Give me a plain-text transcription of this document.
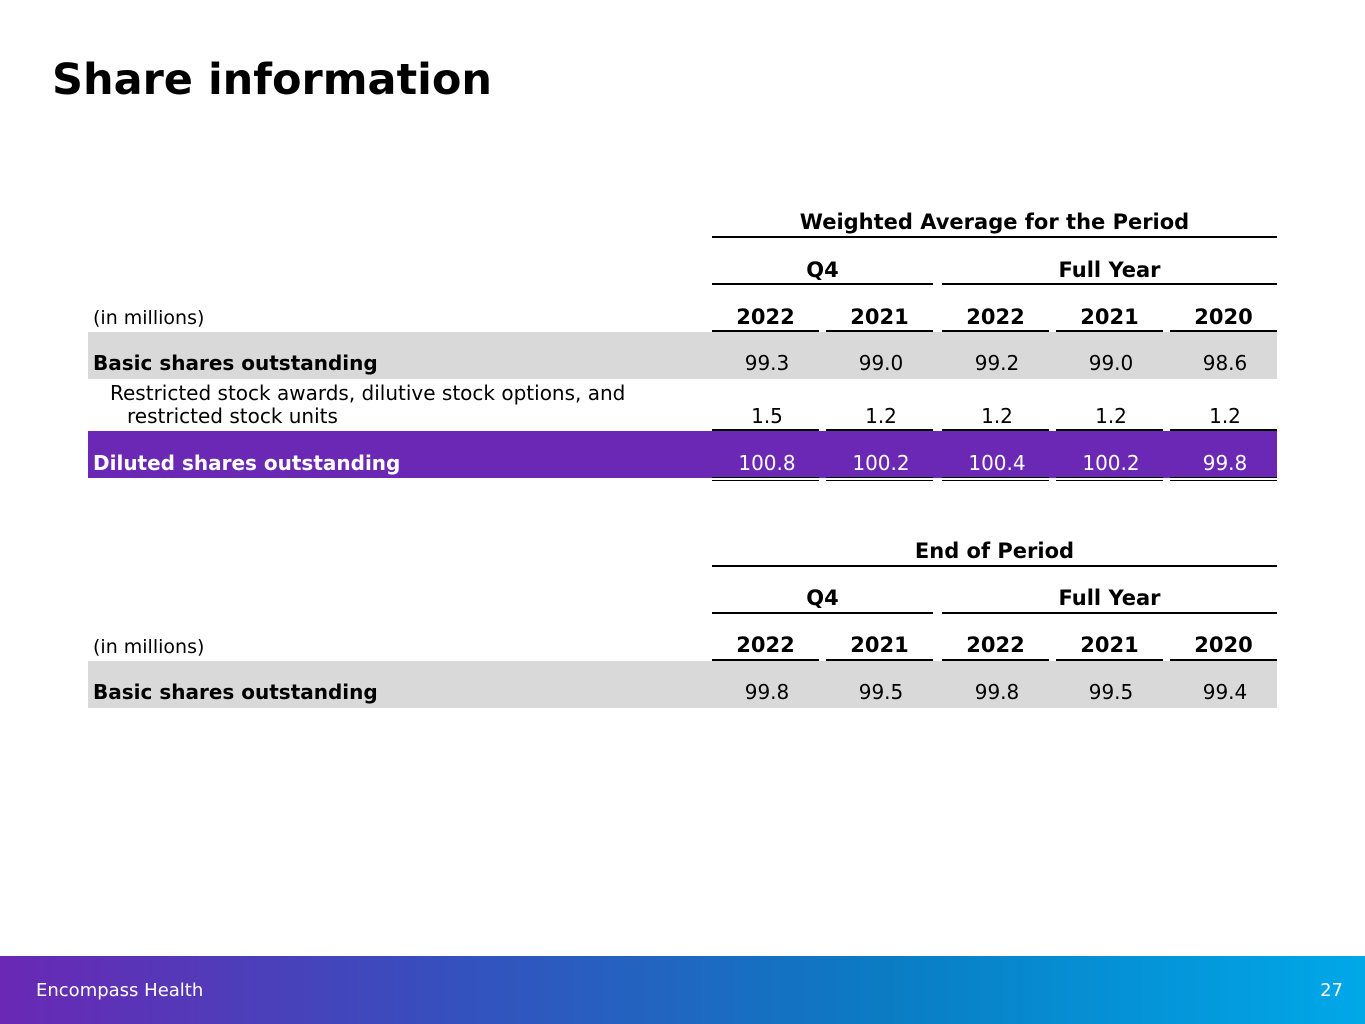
Share information
Weighted Average for the Period
Q4	Full Year
(in millions)	2022	2021	2022	2021	2020
Basic shares outstanding	99.3	99.0	99.2	99.0	98.6
Restricted stock awards, dilutive stock options, and
restricted stock units	1.5	1.2	1.2	1.2	1.2
Diluted shares outstanding	100.8	100.2	100.4	100.2	99.8
End of Period
Q4	Full Year
(in millions)	2022	2021	2022	2021	2020
Basic shares outstanding	99.8	99.5	99.8	99.5	99.4
Encompass Health	27
